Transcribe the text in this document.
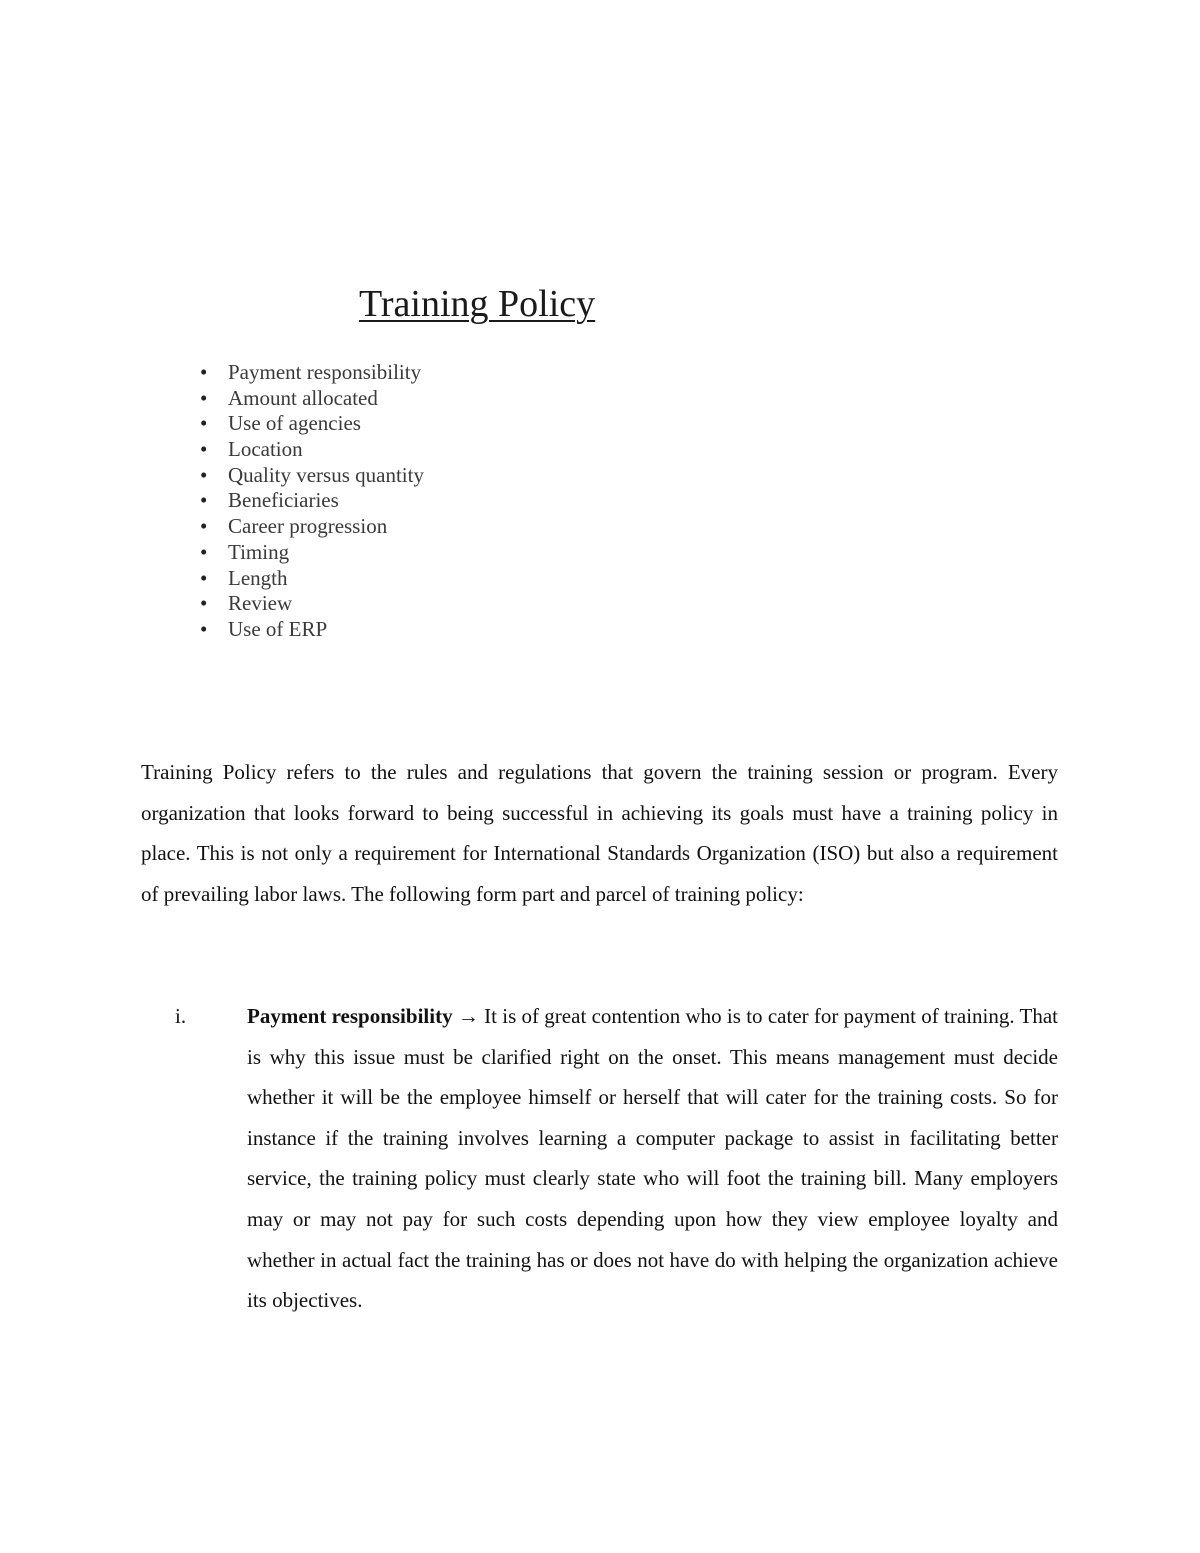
Training Policy
• Payment responsibility
• Amount allocated
• Use of agencies
• Location
• Quality versus quantity
• Beneficiaries
• Career progression
• Timing
• Length
• Review
• Use of ERP

Training Policy refers to the rules and regulations that govern the training session or program. Every organization that looks forward to being successful in achieving its goals must have a training policy in place. This is not only a requirement for International Standards Organization (ISO) but also a requirement of prevailing labor laws. The following form part and parcel of training policy:

i.	Payment responsibility → It is of great contention who is to cater for payment of training. That is why this issue must be clarified right on the onset. This means management must decide whether it will be the employee himself or herself that will cater for the training costs. So for instance if the training involves learning a computer package to assist in facilitating better service, the training policy must clearly state who will foot the training bill. Many employers may or may not pay for such costs depending upon how they view employee loyalty and whether in actual fact the training has or does not have do with helping the organization achieve its objectives.
